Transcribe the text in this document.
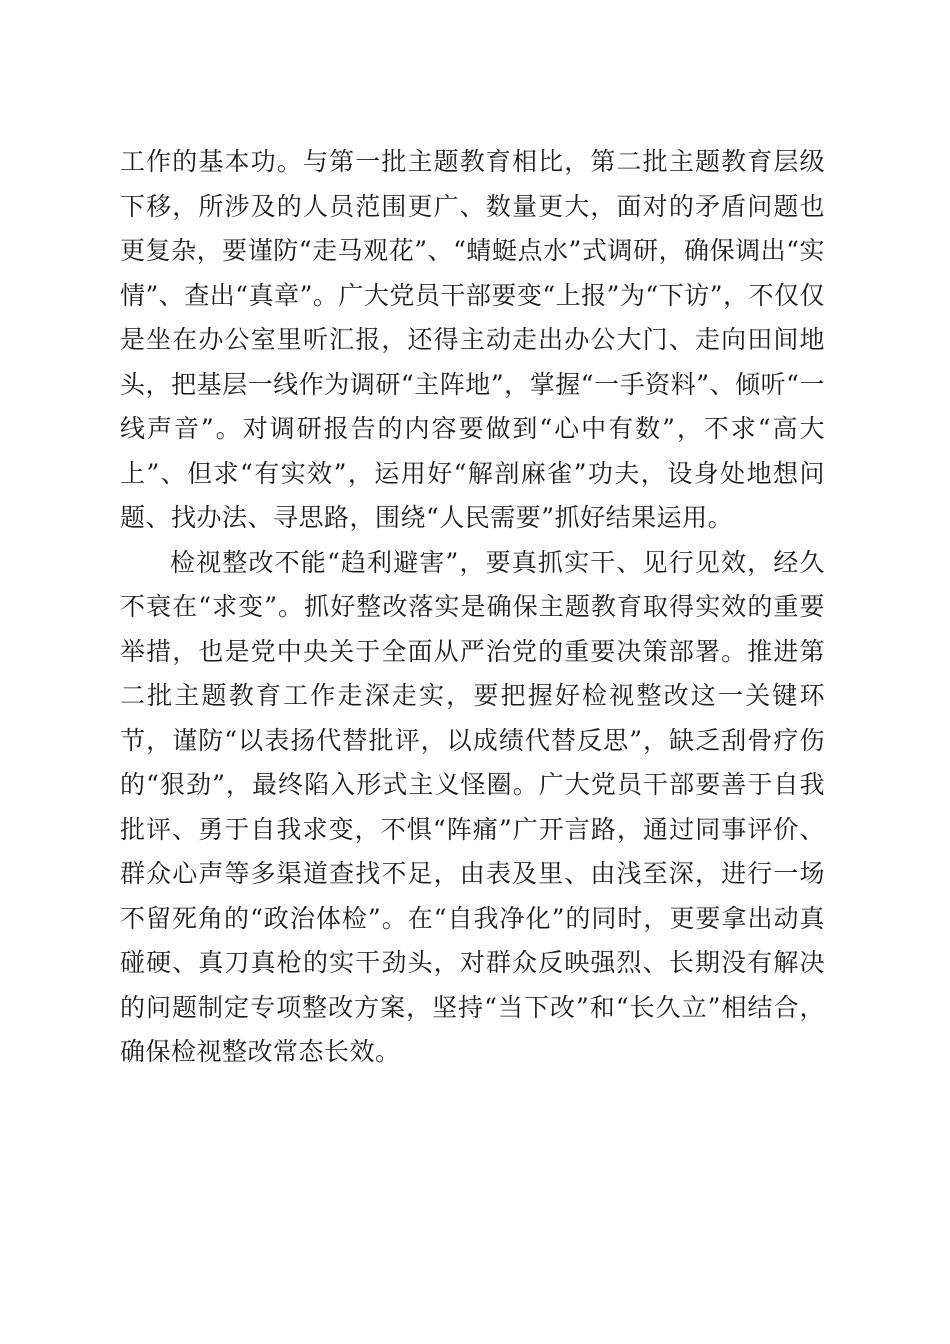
工作的基本功。与第一批主题教育相比，第二批主题教育层级下移，所涉及的人员范围更广、数量更大，面对的矛盾问题也更复杂，要谨防“走马观花”、“蜻蜓点水”式调研，确保调出“实情”、查出“真章”。广大党员干部要变“上报”为“下访”，不仅仅是坐在办公室里听汇报，还得主动走出办公大门、走向田间地头，把基层一线作为调研“主阵地”，掌握“一手资料”、倾听“一线声音”。对调研报告的内容要做到“心中有数”，不求“高大上”、但求“有实效”，运用好“解剖麻雀”功夫，设身处地想问题、找办法、寻思路，围绕“人民需要”抓好结果运用。

检视整改不能“趋利避害”，要真抓实干、见行见效，经久不衰在“求变”。抓好整改落实是确保主题教育取得实效的重要举措，也是党中央关于全面从严治党的重要决策部署。推进第二批主题教育工作走深走实，要把握好检视整改这一关键环节，谨防“以表扬代替批评，以成绩代替反思”，缺乏刮骨疗伤的“狠劲”，最终陷入形式主义怪圈。广大党员干部要善于自我批评、勇于自我求变，不惧“阵痛”广开言路，通过同事评价、群众心声等多渠道查找不足，由表及里、由浅至深，进行一场不留死角的“政治体检”。在“自我净化”的同时，更要拿出动真碰硬、真刀真枪的实干劲头，对群众反映强烈、长期没有解决的问题制定专项整改方案，坚持“当下改”和“长久立”相结合，确保检视整改常态长效。
